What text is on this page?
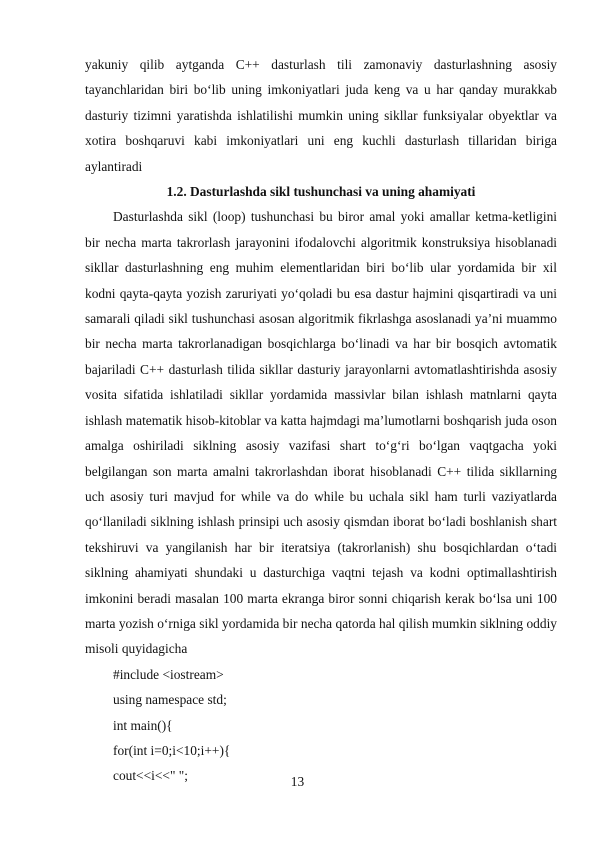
yakuniy qilib aytganda C++ dasturlash tili zamonaviy dasturlashning asosiy tayanchlaridan biri bo‘lib uning imkoniyatlari juda keng va u har qanday murakkab dasturiy tizimni yaratishda ishlatilishi mumkin uning sikllar funksiyalar obyektlar va xotira boshqaruvi kabi imkoniyatlari uni eng kuchli dasturlash tillaridan biriga aylantiradi

1.2. Dasturlashda sikl tushunchasi va uning ahamiyati

Dasturlashda sikl (loop) tushunchasi bu biror amal yoki amallar ketma-ketligini bir necha marta takrorlash jarayonini ifodalovchi algoritmik konstruksiya hisoblanadi sikllar dasturlashning eng muhim elementlaridan biri bo‘lib ular yordamida bir xil kodni qayta-qayta yozish zaruriyati yo‘qoladi bu esa dastur hajmini qisqartiradi va uni samarali qiladi sikl tushunchasi asosan algoritmik fikrlashga asoslanadi ya’ni muammo bir necha marta takrorlanadigan bosqichlarga bo‘linadi va har bir bosqich avtomatik bajariladi C++ dasturlash tilida sikllar dasturiy jarayonlarni avtomatlashtirishda asosiy vosita sifatida ishlatiladi sikllar yordamida massivlar bilan ishlash matnlarni qayta ishlash matematik hisob-kitoblar va katta hajmdagi ma’lumotlarni boshqarish juda oson amalga oshiriladi siklning asosiy vazifasi shart to‘g‘ri bo‘lgan vaqtgacha yoki belgilangan son marta amalni takrorlashdan iborat hisoblanadi C++ tilida sikllarning uch asosiy turi mavjud for while va do while bu uchala sikl ham turli vaziyatlarda qo‘llaniladi siklning ishlash prinsipi uch asosiy qismdan iborat bo‘ladi boshlanish shart tekshiruvi va yangilanish har bir iteratsiya (takrorlanish) shu bosqichlardan o‘tadi siklning ahamiyati shundaki u dasturchiga vaqtni tejash va kodni optimallashtirish imkonini beradi masalan 100 marta ekranga biror sonni chiqarish kerak bo‘lsa uni 100 marta yozish o‘rniga sikl yordamida bir necha qatorda hal qilish mumkin siklning oddiy misoli quyidagicha

#include <iostream>

using namespace std;

int main(){

for(int i=0;i<10;i++){

cout<<i<<" ";	13
